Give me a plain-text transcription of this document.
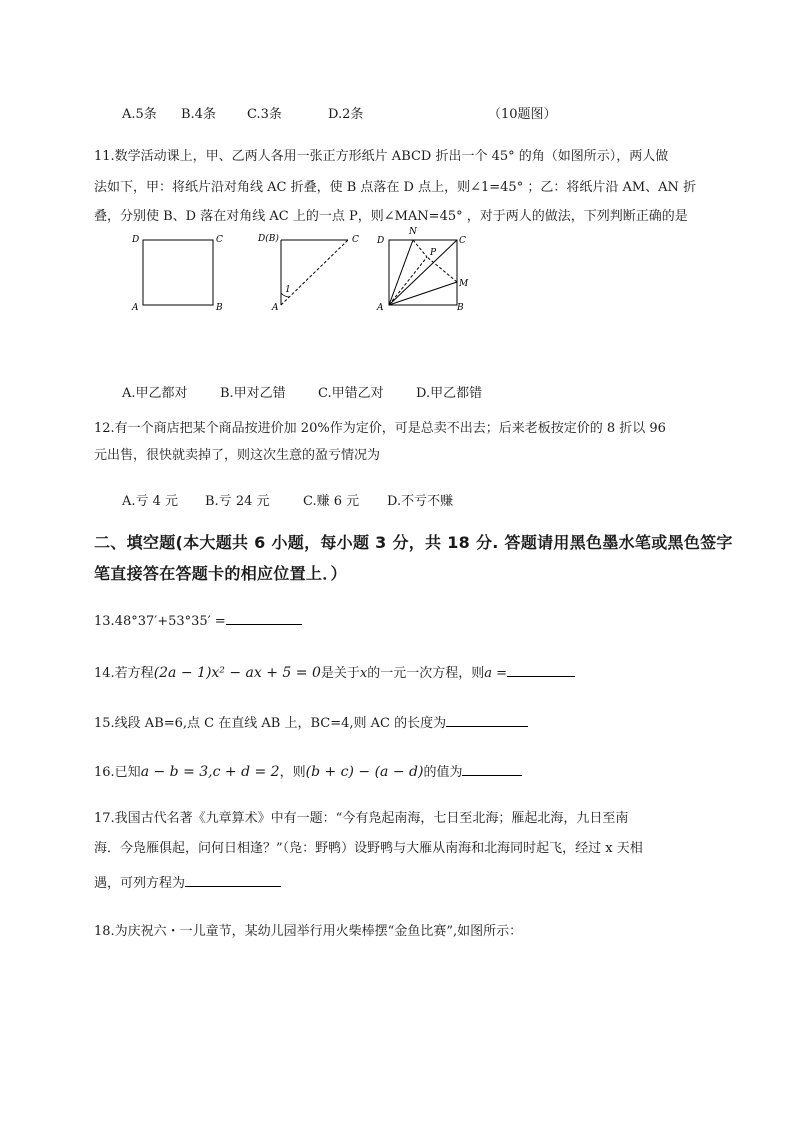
A.5条 B.4条 C.3条	D.2条	（10题图）
11.数学活动课上，甲、乙两人各用一张正方形纸片 ABCD 折出一个 45° 的角（如图所示），两人做
法如下，甲：将纸片沿对角线 AC 折叠，使 B 点落在 D 点上，则∠1=45° ；乙：将纸片沿 AM、AN 折
叠，分别使 B、D 落在对角线 AC 上的一点 P，则∠MAN=45° ，对于两人的做法，下列判断正确的是
D	C
A	B
D(B)	C
A
1
D
N
C
P
M
A	B
A.甲乙都对 B.甲对乙错 C.甲错乙对 D.甲乙都错
12.有一个商店把某个商品按进价加 20%作为定价，可是总卖不出去；后来老板按定价的 8 折以 96
元出售，很快就卖掉了，则这次生意的盈亏情况为
A.亏 4 元 B.亏 24 元	C.赚 6 元 D.不亏不赚
二、填空题(本大题共 6 小题，每小题 3 分，共 18 分. 答题请用黑色墨水笔或黑色签字
笔直接答在答题卡的相应位置上．）
13.48°37′+53°35′ =
14.若方程(2a − 1)x² − ax + 5 = 0是关于x的一元一次方程，则a =
15.线段 AB=6,点 C 在直线 AB 上，BC=4,则 AC 的长度为
16.已知a − b = 3,c + d = 2，则(b + c) − (a − d)的值为
17.我国古代名著《九章算术》中有一题：“今有凫起南海，七日至北海；雁起北海，九日至南
海．今凫雁俱起，问何日相逢？”（凫：野鸭）设野鸭与大雁从南海和北海同时起飞，经过 x 天相
遇，可列方程为
18.为庆祝六・一儿童节，某幼儿园举行用火柴棒摆“金鱼比赛”,如图所示：
